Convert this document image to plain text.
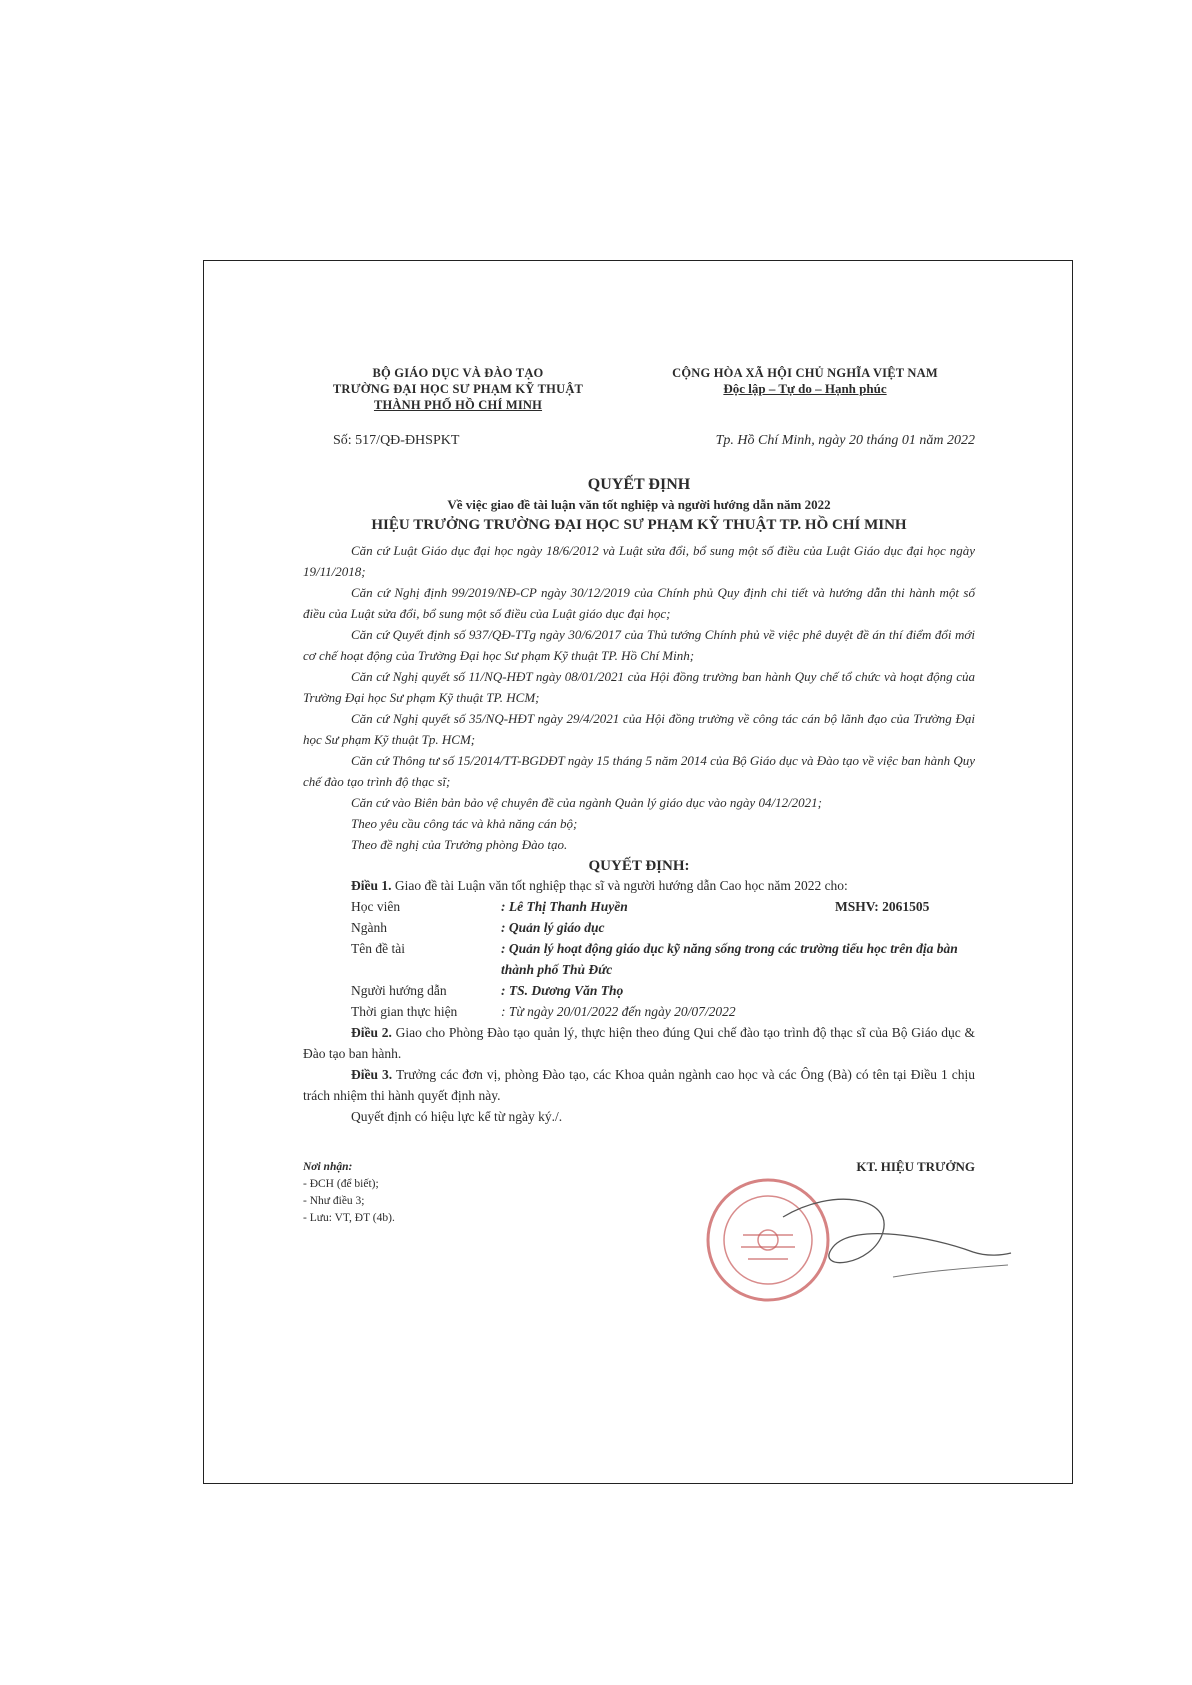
BỘ GIÁO DỤC VÀ ĐÀO TẠO
TRƯỜNG ĐẠI HỌC SƯ PHẠM KỸ THUẬT
THÀNH PHỐ HỒ CHÍ MINH
Số: 517/QĐ-ĐHSPKT
CỘNG HÒA XÃ HỘI CHỦ NGHĨA VIỆT NAM
Độc lập – Tự do – Hạnh phúc
Tp. Hồ Chí Minh, ngày 20 tháng 01 năm 2022
QUYẾT ĐỊNH
Về việc giao đề tài luận văn tốt nghiệp và người hướng dẫn năm 2022
HIỆU TRƯỞNG TRƯỜNG ĐẠI HỌC SƯ PHẠM KỸ THUẬT TP. HỒ CHÍ MINH

Căn cứ Luật Giáo dục đại học ngày 18/6/2012 và Luật sửa đổi, bổ sung một số điều của Luật Giáo dục đại học ngày 19/11/2018;

Căn cứ Nghị định 99/2019/NĐ-CP ngày 30/12/2019 của Chính phủ Quy định chi tiết và hướng dẫn thi hành một số điều của Luật sửa đổi, bổ sung một số điều của Luật giáo dục đại học;

Căn cứ Quyết định số 937/QĐ-TTg ngày 30/6/2017 của Thủ tướng Chính phủ về việc phê duyệt đề án thí điểm đổi mới cơ chế hoạt động của Trường Đại học Sư phạm Kỹ thuật TP. Hồ Chí Minh;

Căn cứ Nghị quyết số 11/NQ-HĐT ngày 08/01/2021 của Hội đồng trường ban hành Quy chế tổ chức và hoạt động của Trường Đại học Sư phạm Kỹ thuật TP. HCM;

Căn cứ Nghị quyết số 35/NQ-HĐT ngày 29/4/2021 của Hội đồng trường về công tác cán bộ lãnh đạo của Trường Đại học Sư phạm Kỹ thuật Tp. HCM;

Căn cứ Thông tư số 15/2014/TT-BGDĐT ngày 15 tháng 5 năm 2014 của Bộ Giáo dục và Đào tạo về việc ban hành Quy chế đào tạo trình độ thạc sĩ;

Căn cứ vào Biên bản bảo vệ chuyên đề của ngành Quản lý giáo dục vào ngày 04/12/2021;

Theo yêu cầu công tác và khả năng cán bộ;

Theo đề nghị của Trưởng phòng Đào tạo.

QUYẾT ĐỊNH:

Điều 1. Giao đề tài Luận văn tốt nghiệp thạc sĩ và người hướng dẫn Cao học năm 2022 cho:

Học viên	: Lê Thị Thanh Huyền	MSHV: 2061505
Ngành	: Quản lý giáo dục
Tên đề tài	: Quản lý hoạt động giáo dục kỹ năng sống trong các trường tiểu học trên địa bàn thành phố Thủ Đức
Người hướng dẫn	: TS. Dương Văn Thọ
Thời gian thực hiện	: Từ ngày 20/01/2022 đến ngày 20/07/2022

Điều 2. Giao cho Phòng Đào tạo quản lý, thực hiện theo đúng Qui chế đào tạo trình độ thạc sĩ của Bộ Giáo dục & Đào tạo ban hành.

Điều 3. Trưởng các đơn vị, phòng Đào tạo, các Khoa quản ngành cao học và các Ông (Bà) có tên tại Điều 1 chịu trách nhiệm thi hành quyết định này.

Quyết định có hiệu lực kể từ ngày ký./.

Nơi nhận:
- ĐCH (để biết);
- Như điều 3;
- Lưu: VT, ĐT (4b).
KT. HIỆU TRƯỞNG
